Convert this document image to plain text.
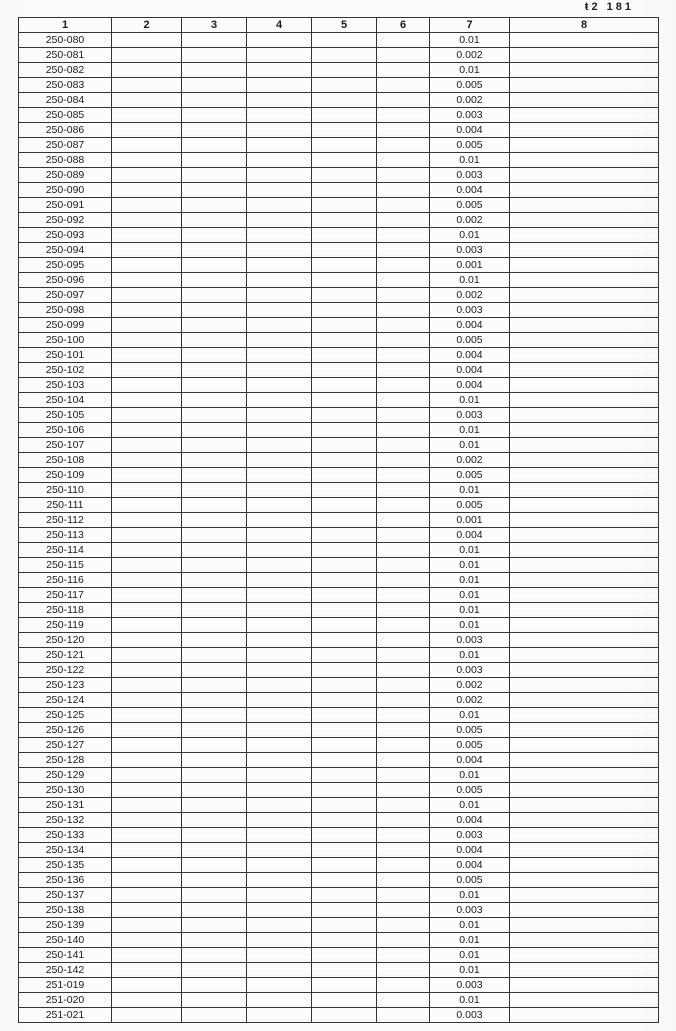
ŧ2 181
1	2	3	4	5	6	7	8
250-080						0.01	
250-081						0.002	
250-082						0.01	
250-083						0.005	
250-084						0.002	
250-085						0.003	
250-086						0.004	
250-087						0.005	
250-088						0.01	
250-089						0.003	
250-090						0.004	
250-091						0.005	
250-092						0.002	
250-093						0.01	
250-094						0.003	
250-095						0.001	
250-096						0.01	
250-097						0.002	
250-098						0.003	
250-099						0.004	
250-100						0.005	
250-101						0.004	
250-102						0.004	
250-103						0.004	
250-104						0.01	
250-105						0.003	
250-106						0.01	
250-107						0.01	
250-108						0.002	
250-109						0.005	
250-110						0.01	
250-111						0.005	
250-112						0.001	
250-113						0.004	
250-114						0.01	
250-115						0.01	
250-116						0.01	
250-117						0.01	
250-118						0.01	
250-119						0.01	
250-120						0.003	
250-121						0.01	
250-122						0.003	
250-123						0.002	
250-124						0.002	
250-125						0.01	
250-126						0.005	
250-127						0.005	
250-128						0.004	
250-129						0.01	
250-130						0.005	
250-131						0.01	
250-132						0.004	
250-133						0.003	
250-134						0.004	
250-135						0.004	
250-136						0.005	
250-137						0.01	
250-138						0.003	
250-139						0.01	
250-140						0.01	
250-141						0.01	
250-142						0.01	
251-019						0.003	
251-020						0.01	
251-021						0.003	
